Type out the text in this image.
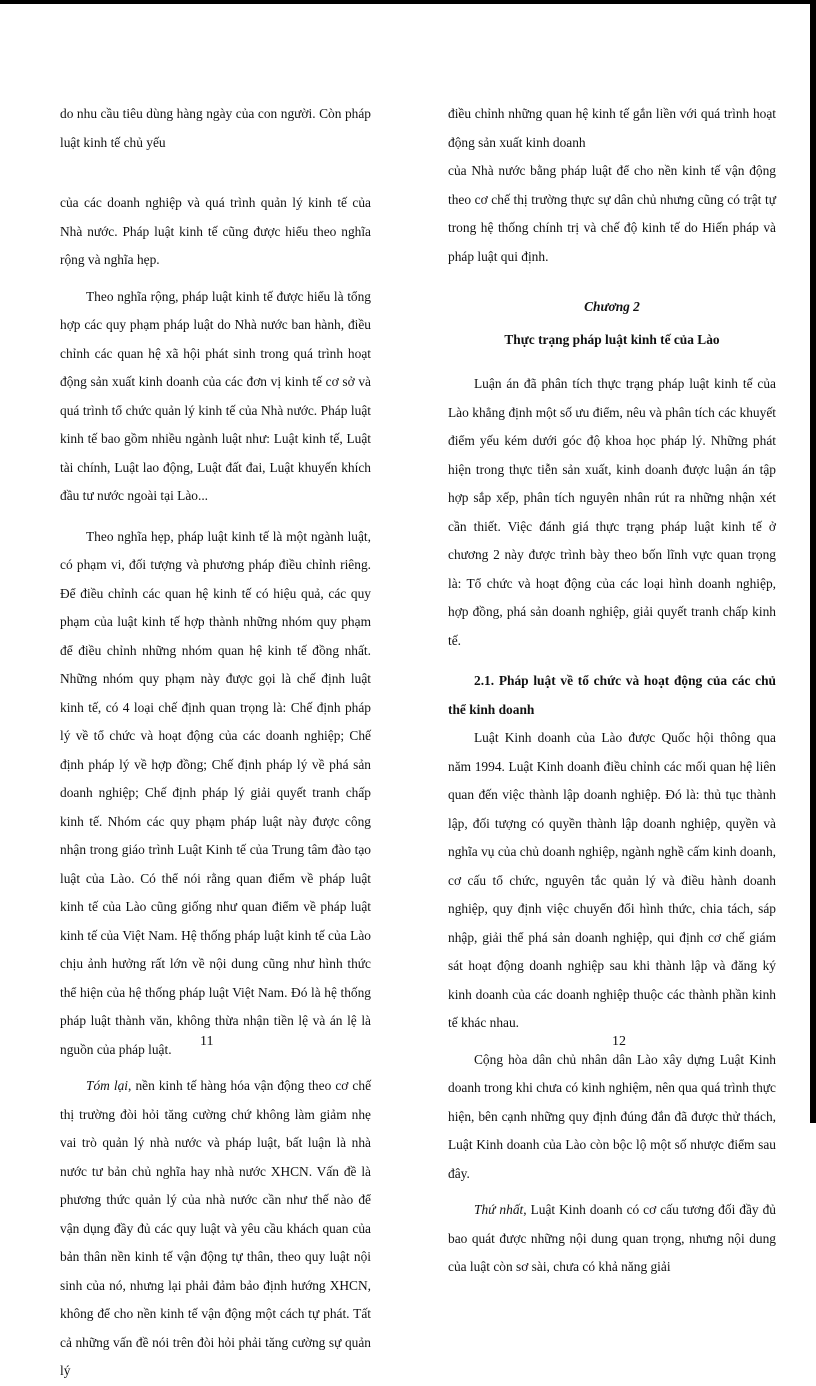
do nhu cầu tiêu dùng hàng ngày của con người. Còn pháp luật kinh tế chủ yếu

của các doanh nghiệp và quá trình quản lý kinh tế của Nhà nước. Pháp luật kinh tế cũng được hiểu theo nghĩa rộng và nghĩa hẹp.

Theo nghĩa rộng, pháp luật kinh tế được hiểu là tổng hợp các quy phạm pháp luật do Nhà nước ban hành, điều chỉnh các quan hệ xã hội phát sinh trong quá trình hoạt động sản xuất kinh doanh của các đơn vị kinh tế cơ sở và quá trình tổ chức quản lý kinh tế của Nhà nước. Pháp luật kinh tế bao gồm nhiều ngành luật như: Luật kinh tế, Luật tài chính, Luật lao động, Luật đất đai, Luật khuyến khích đầu tư nước ngoài tại Lào...

Theo nghĩa hẹp, pháp luật kinh tế là một ngành luật, có phạm vi, đối tượng và phương pháp điều chỉnh riêng. Để điều chỉnh các quan hệ kinh tế có hiệu quả, các quy phạm của luật kinh tế hợp thành những nhóm quy phạm để điều chỉnh những nhóm quan hệ kinh tế đồng nhất. Những nhóm quy phạm này được gọi là chế định luật kinh tế, có 4 loại chế định quan trọng là: Chế định pháp lý về tổ chức và hoạt động của các doanh nghiệp; Chế định pháp lý về hợp đồng; Chế định pháp lý về phá sản doanh nghiệp; Chế định pháp lý giải quyết tranh chấp kinh tế. Nhóm các quy phạm pháp luật này được công nhận trong giáo trình Luật Kinh tế của Trung tâm đào tạo luật của Lào. Có thể nói rằng quan điểm về pháp luật kinh tế của Lào cũng giống như quan điểm về pháp luật kinh tế của Việt Nam. Hệ thống pháp luật kinh tế của Lào chịu ảnh hưởng rất lớn về nội dung cũng như hình thức thể hiện của hệ thống pháp luật Việt Nam. Đó là hệ thống pháp luật thành văn, không thừa nhận tiền lệ và án lệ là nguồn của pháp luật.

Tóm lại, nền kinh tế hàng hóa vận động theo cơ chế thị trường đòi hỏi tăng cường chứ không làm giảm nhẹ vai trò quản lý nhà nước và pháp luật, bất luận là nhà nước tư bản chủ nghĩa hay nhà nước XHCN. Vấn đề là phương thức quản lý của nhà nước cần như thế nào để vận dụng đầy đủ các quy luật và yêu cầu khách quan của bản thân nền kinh tế vận động tự thân, theo quy luật nội sinh của nó, nhưng lại phải đảm bảo định hướng XHCN, không để cho nền kinh tế vận động một cách tự phát. Tất cả những vấn đề nói trên đòi hỏi phải tăng cường sự quản lý

11

điều chỉnh những quan hệ kinh tế gắn liền với quá trình hoạt động sản xuất kinh doanh

của Nhà nước bằng pháp luật để cho nền kinh tế vận động theo cơ chế thị trường thực sự dân chủ nhưng cũng có trật tự trong hệ thống chính trị và chế độ kinh tế do Hiến pháp và pháp luật qui định.

Chương 2
Thực trạng pháp luật kinh tế của Lào

Luận án đã phân tích thực trạng pháp luật kinh tế của Lào khẳng định một số ưu điểm, nêu và phân tích các khuyết điểm yếu kém dưới góc độ khoa học pháp lý. Những phát hiện trong thực tiễn sản xuất, kinh doanh được luận án tập hợp sắp xếp, phân tích nguyên nhân rút ra những nhận xét cần thiết. Việc đánh giá thực trạng pháp luật kinh tế ở chương 2 này được trình bày theo bốn lĩnh vực quan trọng là: Tổ chức và hoạt động của các loại hình doanh nghiệp, hợp đồng, phá sản doanh nghiệp, giải quyết tranh chấp kinh tế.

2.1. Pháp luật về tổ chức và hoạt động của các chủ thể kinh doanh

Luật Kinh doanh của Lào được Quốc hội thông qua năm 1994. Luật Kinh doanh điều chỉnh các mối quan hệ liên quan đến việc thành lập doanh nghiệp. Đó là: thủ tục thành lập, đối tượng có quyền thành lập doanh nghiệp, quyền và nghĩa vụ của chủ doanh nghiệp, ngành nghề cấm kinh doanh, cơ cấu tổ chức, nguyên tắc quản lý và điều hành doanh nghiệp, quy định việc chuyển đổi hình thức, chia tách, sáp nhập, giải thể phá sản doanh nghiệp, qui định cơ chế giám sát hoạt động doanh nghiệp sau khi thành lập và đăng ký kinh doanh của các doanh nghiệp thuộc các thành phần kinh tế khác nhau.

Cộng hòa dân chủ nhân dân Lào xây dựng Luật Kinh doanh trong khi chưa có kinh nghiệm, nên qua quá trình thực hiện, bên cạnh những quy định đúng đắn đã được thử thách, Luật Kinh doanh của Lào còn bộc lộ một số nhược điểm sau đây.

Thứ nhất, Luật Kinh doanh có cơ cấu tương đối đầy đủ bao quát được những nội dung quan trọng, nhưng nội dung của luật còn sơ sài, chưa có khả năng giải

12
